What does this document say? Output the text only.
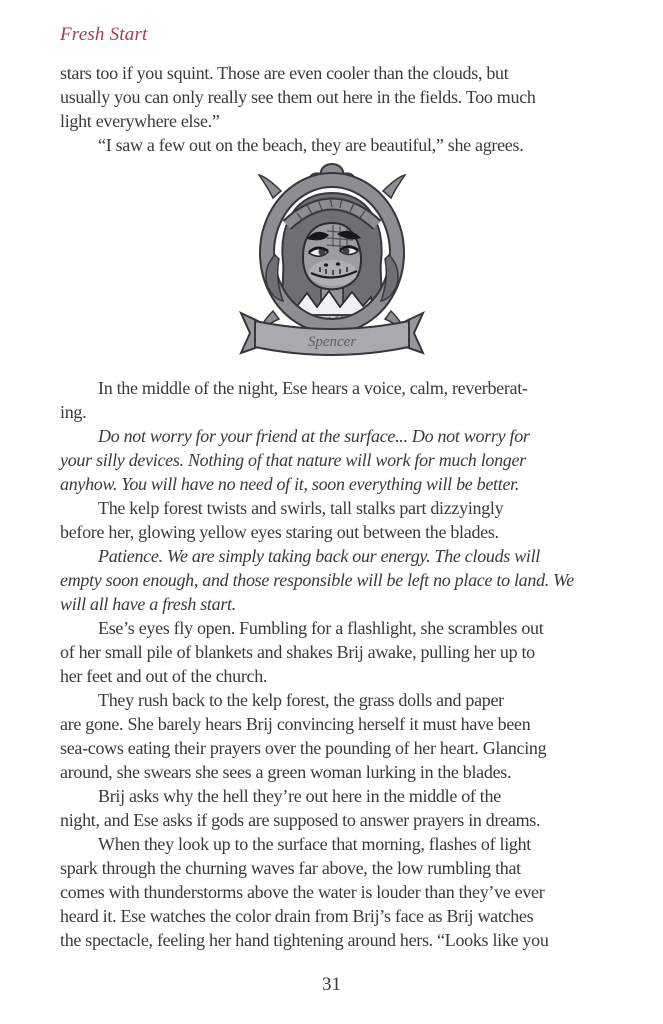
Fresh Start
stars too if you squint. Those are even cooler than the clouds, but
usually you can only really see them out here in the fields. Too much
light everywhere else.”
“I saw a few out on the beach, they are beautiful,” she agrees.
Spencer
In the middle of the night, Ese hears a voice, calm, reverberat-
ing.
Do not worry for your friend at the surface... Do not worry for
your silly devices. Nothing of that nature will work for much longer
anyhow. You will have no need of it, soon everything will be better.
The kelp forest twists and swirls, tall stalks part dizzyingly
before her, glowing yellow eyes staring out between the blades.
Patience. We are simply taking back our energy. The clouds will
empty soon enough, and those responsible will be left no place to land. We
will all have a fresh start.
Ese’s eyes fly open. Fumbling for a flashlight, she scrambles out
of her small pile of blankets and shakes Brij awake, pulling her up to
her feet and out of the church.
They rush back to the kelp forest, the grass dolls and paper
are gone. She barely hears Brij convincing herself it must have been
sea-cows eating their prayers over the pounding of her heart. Glancing
around, she swears she sees a green woman lurking in the blades.
Brij asks why the hell they’re out here in the middle of the
night, and Ese asks if gods are supposed to answer prayers in dreams.
When they look up to the surface that morning, flashes of light
spark through the churning waves far above, the low rumbling that
comes with thunderstorms above the water is louder than they’ve ever
heard it. Ese watches the color drain from Brij’s face as Brij watches
the spectacle, feeling her hand tightening around hers. “Looks like you
31
